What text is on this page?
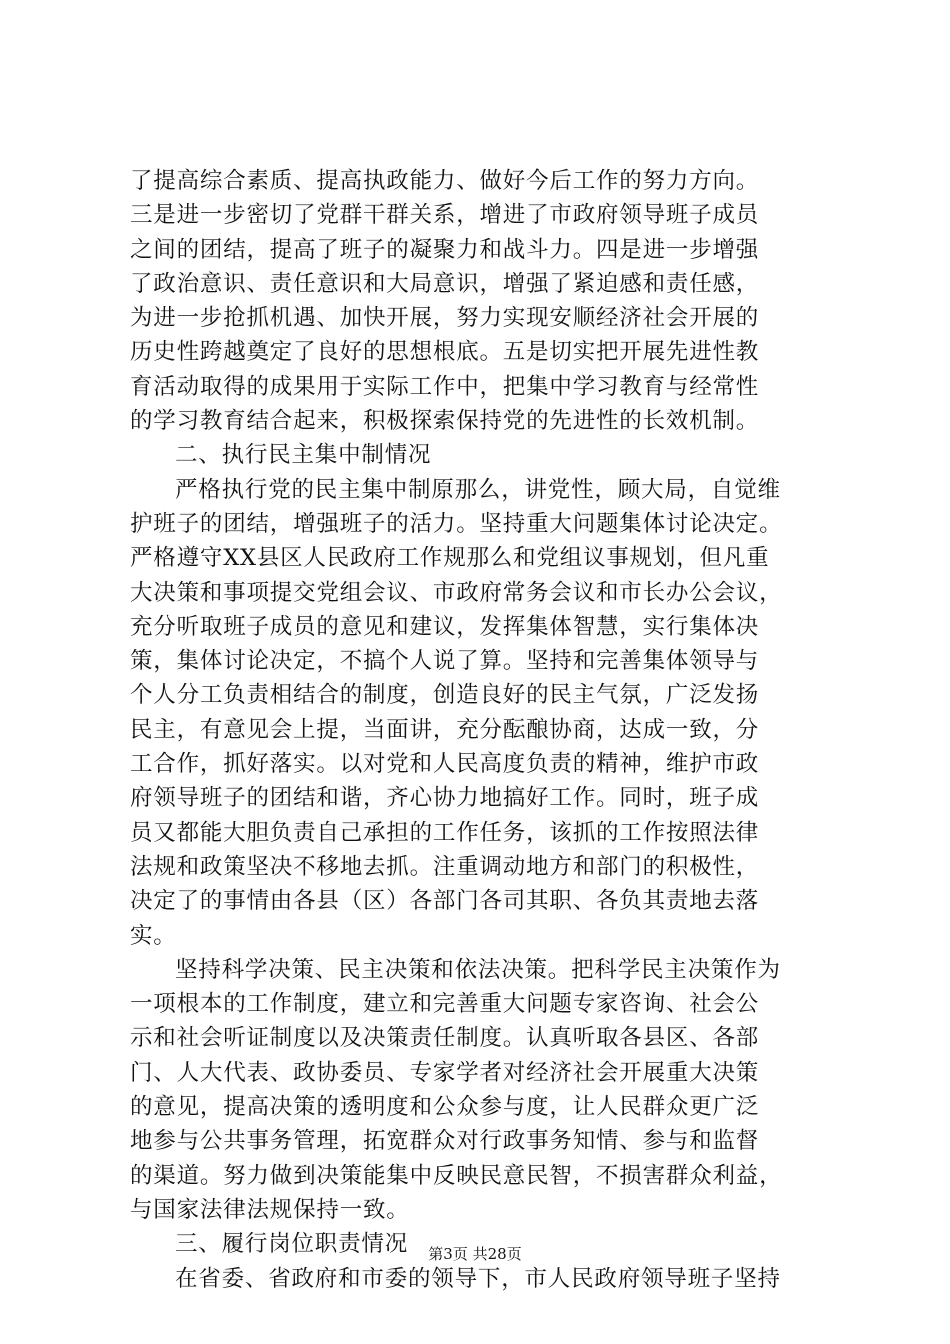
了提高综合素质、提高执政能力、做好今后工作的努力方向。
三是进一步密切了党群干群关系，增进了市政府领导班子成员
之间的团结，提高了班子的凝聚力和战斗力。四是进一步增强
了政治意识、责任意识和大局意识，增强了紧迫感和责任感，
为进一步抢抓机遇、加快开展，努力实现安顺经济社会开展的
历史性跨越奠定了良好的思想根底。五是切实把开展先进性教
育活动取得的成果用于实际工作中，把集中学习教育与经常性
的学习教育结合起来，积极探索保持党的先进性的长效机制。
二、执行民主集中制情况
严格执行党的民主集中制原那么，讲党性，顾大局，自觉维
护班子的团结，增强班子的活力。坚持重大问题集体讨论决定。
严格遵守XX县区人民政府工作规那么和党组议事规划，但凡重
大决策和事项提交党组会议、市政府常务会议和市长办公会议，
充分听取班子成员的意见和建议，发挥集体智慧，实行集体决
策，集体讨论决定，不搞个人说了算。坚持和完善集体领导与
个人分工负责相结合的制度，创造良好的民主气氛，广泛发扬
民主，有意见会上提，当面讲，充分酝酿协商，达成一致，分
工合作，抓好落实。以对党和人民高度负责的精神，维护市政
府领导班子的团结和谐，齐心协力地搞好工作。同时，班子成
员又都能大胆负责自己承担的工作任务，该抓的工作按照法律
法规和政策坚决不移地去抓。注重调动地方和部门的积极性，
决定了的事情由各县（区）各部门各司其职、各负其责地去落
实。
坚持科学决策、民主决策和依法决策。把科学民主决策作为
一项根本的工作制度，建立和完善重大问题专家咨询、社会公
示和社会听证制度以及决策责任制度。认真听取各县区、各部
门、人大代表、政协委员、专家学者对经济社会开展重大决策
的意见，提高决策的透明度和公众参与度，让人民群众更广泛
地参与公共事务管理，拓宽群众对行政事务知情、参与和监督
的渠道。努力做到决策能集中反映民意民智，不损害群众利益，
与国家法律法规保持一致。
三、履行岗位职责情况
在省委、省政府和市委的领导下，市人民政府领导班子坚持
第3页 共28页
